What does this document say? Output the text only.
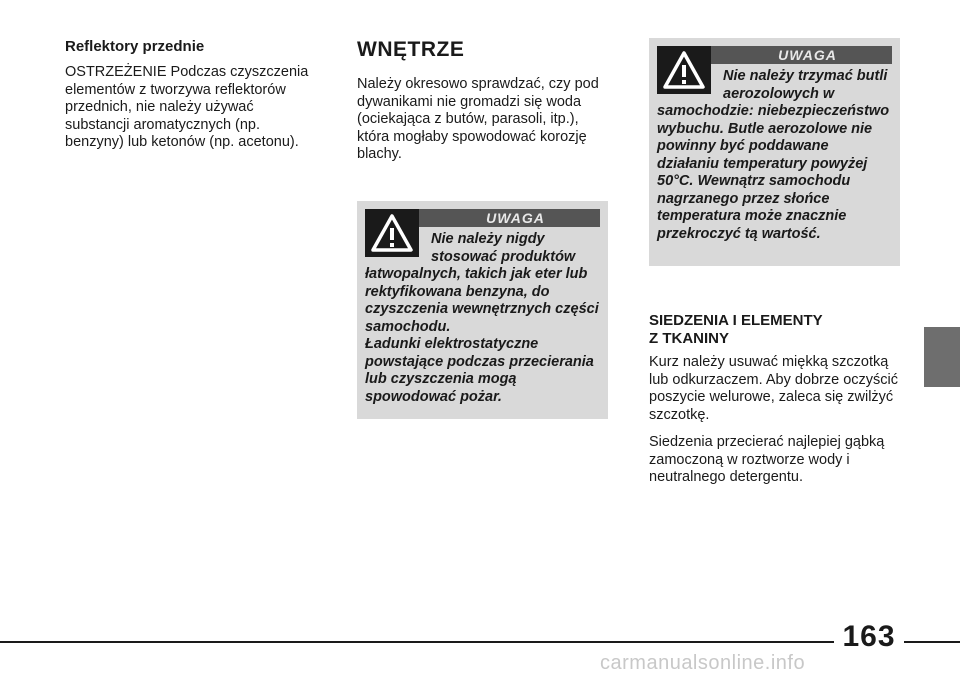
Reflektory przednie

OSTRZEŻENIE Podczas czyszczenia elementów z tworzywa reflektorów przednich, nie należy używać substancji aromatycznych (np. benzyny) lub ketonów (np. acetonu).

WNĘTRZE

Należy okresowo sprawdzać, czy pod dywanikami nie gromadzi się woda (ociekająca z butów, parasoli, itp.), która mogłaby spowodować korozję blachy.

UWAGA

Nie należy nigdy stosować produktów łatwopalnych, takich jak eter lub rektyfikowana benzyna, do czyszczenia wewnętrznych części samochodu.
Ładunki elektrostatyczne powstające podczas przecierania lub czyszczenia mogą spowodować pożar.

UWAGA

Nie należy trzymać butli aerozolowych w samochodzie: niebezpieczeństwo wybuchu. Butle aerozolowe nie powinny być poddawane działaniu temperatury powyżej 50°C. Wewnątrz samochodu nagrzanego przez słońce temperatura może znacznie przekroczyć tą wartość.

SIEDZENIA I ELEMENTY
Z TKANINY

Kurz należy usuwać miękką szczotką lub odkurzaczem. Aby dobrze oczyścić poszycie welurowe, zaleca się zwilżyć szczotkę.

Siedzenia przecierać najlepiej gąbką zamoczoną w roztworze wody i neutralnego detergentu.

163
carmanualsonline.info
